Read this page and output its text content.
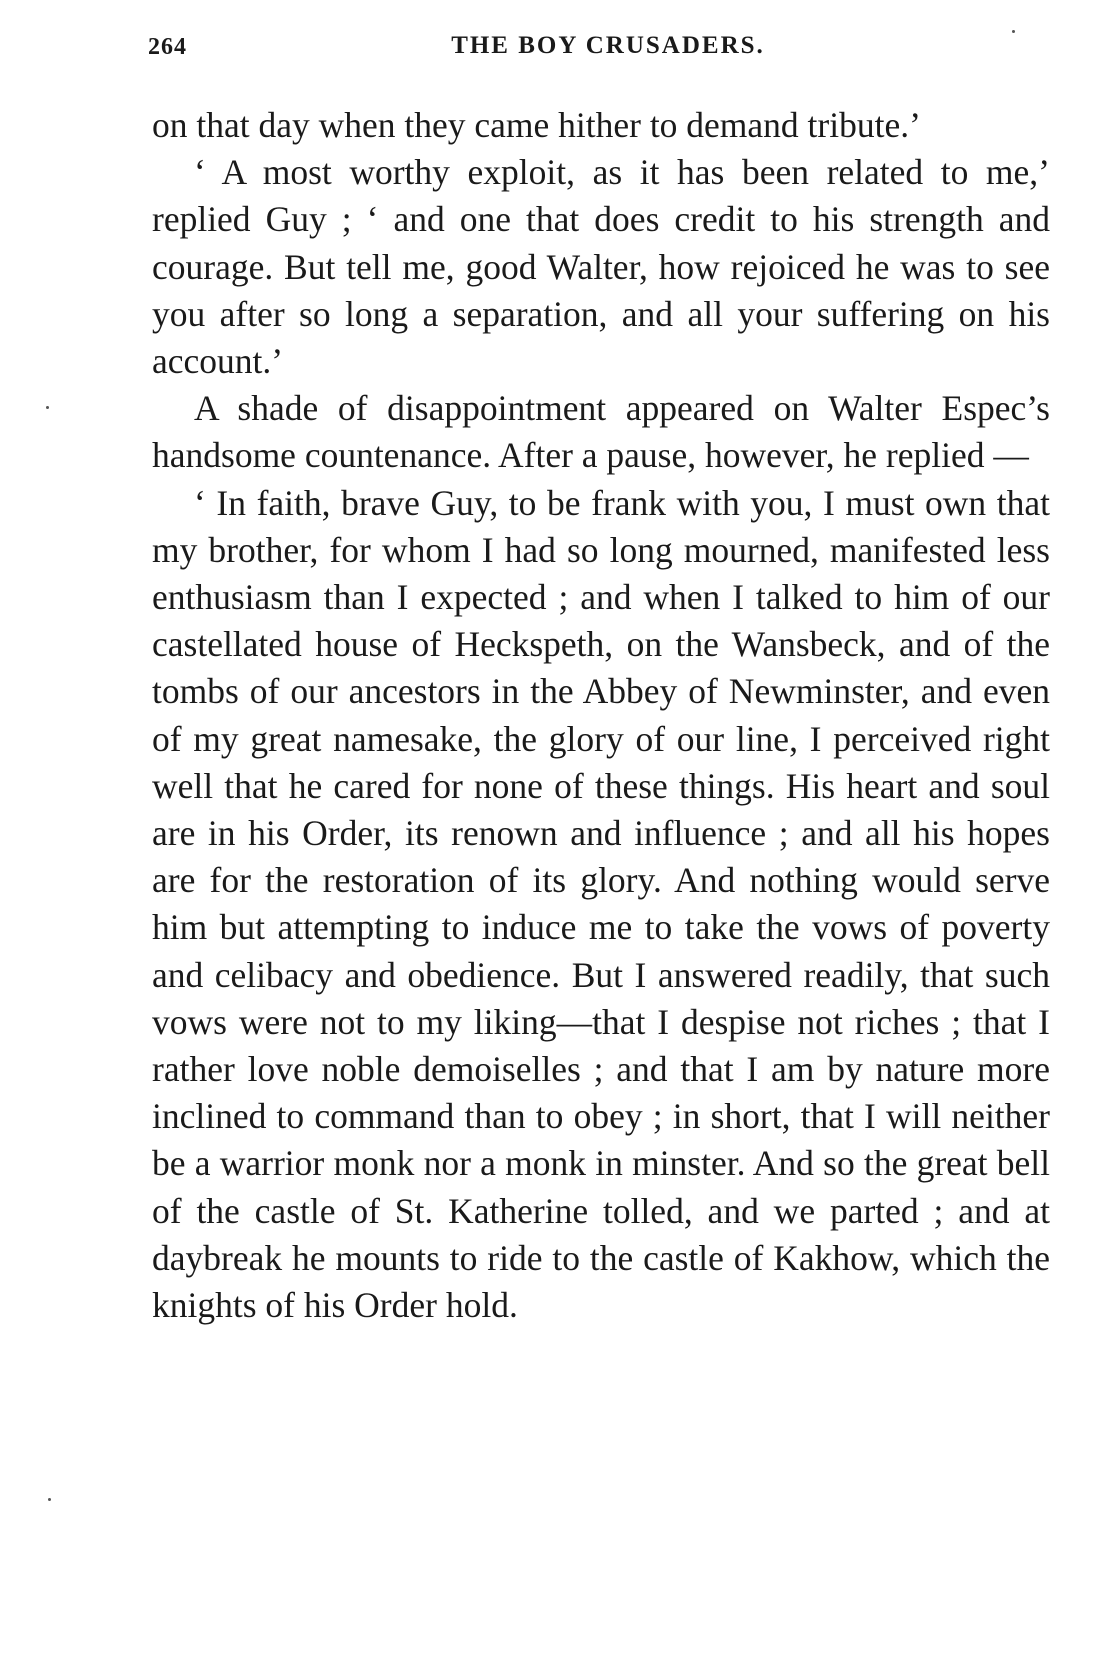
264	THE BOY CRUSADERS.

on that day when they came hither to demand tribute.’

‘ A most worthy exploit, as it has been related to me,’ replied Guy ; ‘ and one that does credit to his strength and courage. But tell me, good Walter, how rejoiced he was to see you after so long a separation, and all your suffering on his account.’

A shade of disappointment appeared on Walter Espec’s handsome countenance. After a pause, however, he replied —

‘ In faith, brave Guy, to be frank with you, I must own that my brother, for whom I had so long mourned, manifested less enthusiasm than I expected ; and when I talked to him of our castellated house of Heckspeth, on the Wansbeck, and of the tombs of our ancestors in the Abbey of Newminster, and even of my great namesake, the glory of our line, I perceived right well that he cared for none of these things. His heart and soul are in his Order, its renown and influence ; and all his hopes are for the restoration of its glory. And nothing would serve him but attempting to induce me to take the vows of poverty and celibacy and obedience. But I answered readily, that such vows were not to my liking—that I despise not riches ; that I rather love noble demoiselles ; and that I am by nature more inclined to command than to obey ; in short, that I will neither be a warrior monk nor a monk in minster. And so the great bell of the castle of St. Katherine tolled, and we parted ; and at daybreak he mounts to ride to the castle of Kakhow, which the knights of his Order hold.
